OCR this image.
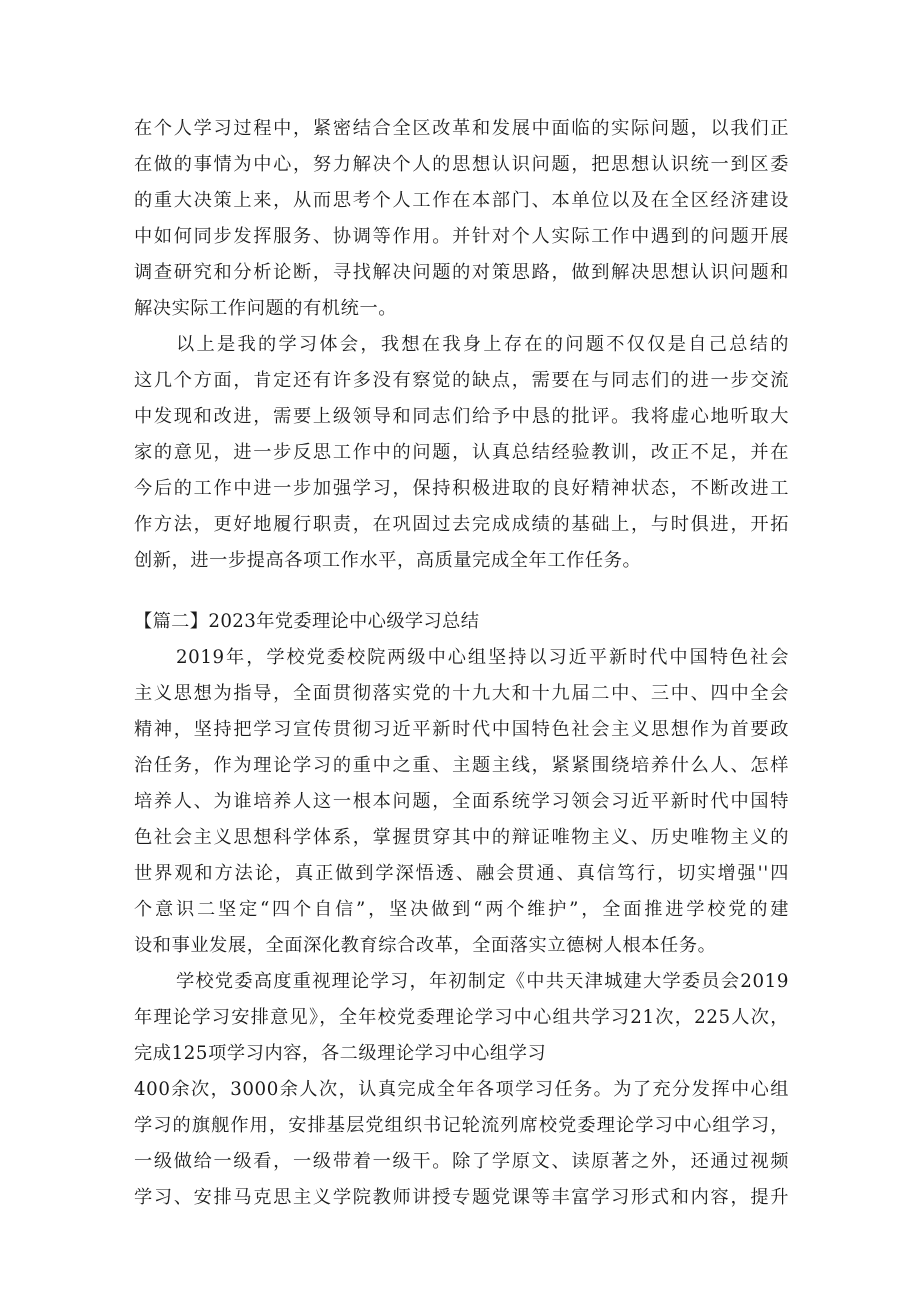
在个人学习过程中，紧密结合全区改革和发展中面临的实际问题，以我们正
在做的事情为中心，努力解决个人的思想认识问题，把思想认识统一到区委
的重大决策上来，从而思考个人工作在本部门、本单位以及在全区经济建设
中如何同步发挥服务、协调等作用。并针对个人实际工作中遇到的问题开展
调查研究和分析论断，寻找解决问题的对策思路，做到解决思想认识问题和
解决实际工作问题的有机统一。
以上是我的学习体会，我想在我身上存在的问题不仅仅是自己总结的
这几个方面，肯定还有许多没有察觉的缺点，需要在与同志们的进一步交流
中发现和改进，需要上级领导和同志们给予中恳的批评。我将虚心地听取大
家的意见，进一步反思工作中的问题，认真总结经验教训，改正不足，并在
今后的工作中进一步加强学习，保持积极进取的良好精神状态，不断改进工
作方法，更好地履行职责，在巩固过去完成成绩的基础上，与时俱进，开拓
创新，进一步提高各项工作水平，高质量完成全年工作任务。
【篇二】2023年党委理论中心级学习总结
2019年，学校党委校院两级中心组坚持以习近平新时代中国特色社会
主义思想为指导，全面贯彻落实党的十九大和十九届二中、三中、四中全会
精神，坚持把学习宣传贯彻习近平新时代中国特色社会主义思想作为首要政
治任务，作为理论学习的重中之重、主题主线，紧紧围绕培养什么人、怎样
培养人、为谁培养人这一根本问题，全面系统学习领会习近平新时代中国特
色社会主义思想科学体系，掌握贯穿其中的辩证唯物主义、历史唯物主义的
世界观和方法论，真正做到学深悟透、融会贯通、真信笃行，切实增强''四
个意识二坚定“四个自信”，坚决做到“两个维护”，全面推进学校党的建
设和事业发展，全面深化教育综合改革，全面落实立德树人根本任务。
学校党委高度重视理论学习，年初制定《中共天津城建大学委员会2019
年理论学习安排意见》，全年校党委理论学习中心组共学习21次，225人次，
完成125项学习内容，各二级理论学习中心组学习
400余次，3000余人次，认真完成全年各项学习任务。为了充分发挥中心组
学习的旗舰作用，安排基层党组织书记轮流列席校党委理论学习中心组学习，
一级做给一级看，一级带着一级干。除了学原文、读原著之外，还通过视频
学习、安排马克思主义学院教师讲授专题党课等丰富学习形式和内容，提升
